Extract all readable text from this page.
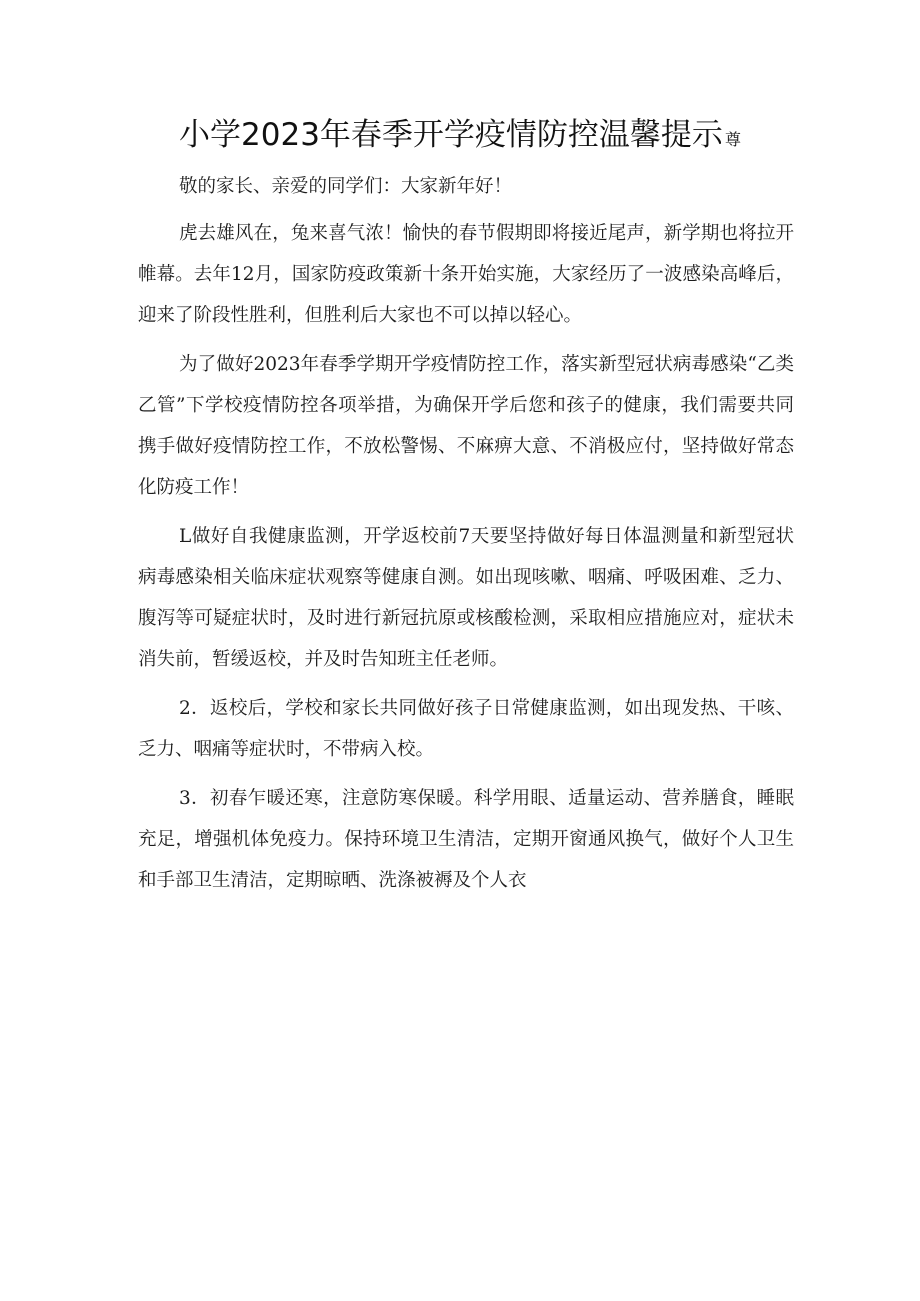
小学2023年春季开学疫情防控温馨提示 尊

敬的家长、亲爱的同学们：大家新年好！

虎去雄风在，兔来喜气浓！愉快的春节假期即将接近尾声，新学期也将拉开帷幕。去年12月，国家防疫政策新十条开始实施，大家经历了一波感染高峰后，迎来了阶段性胜利，但胜利后大家也不可以掉以轻心。

为了做好2023年春季学期开学疫情防控工作，落实新型冠状病毒感染“乙类乙管”下学校疫情防控各项举措，为确保开学后您和孩子的健康，我们需要共同携手做好疫情防控工作，不放松警惕、不麻痹大意、不消极应付，坚持做好常态化防疫工作！

L做好自我健康监测，开学返校前7天要坚持做好每日体温测量和新型冠状病毒感染相关临床症状观察等健康自测。如出现咳嗽、咽痛、呼吸困难、乏力、腹泻等可疑症状时，及时进行新冠抗原或核酸检测，采取相应措施应对，症状未消失前，暂缓返校，并及时告知班主任老师。

2．返校后，学校和家长共同做好孩子日常健康监测，如出现发热、干咳、乏力、咽痛等症状时，不带病入校。

3．初春乍暖还寒，注意防寒保暖。科学用眼、适量运动、营养膳食，睡眠充足，增强机体免疫力。保持环境卫生清洁，定期开窗通风换气，做好个人卫生和手部卫生清洁，定期晾晒、洗涤被褥及个人衣
